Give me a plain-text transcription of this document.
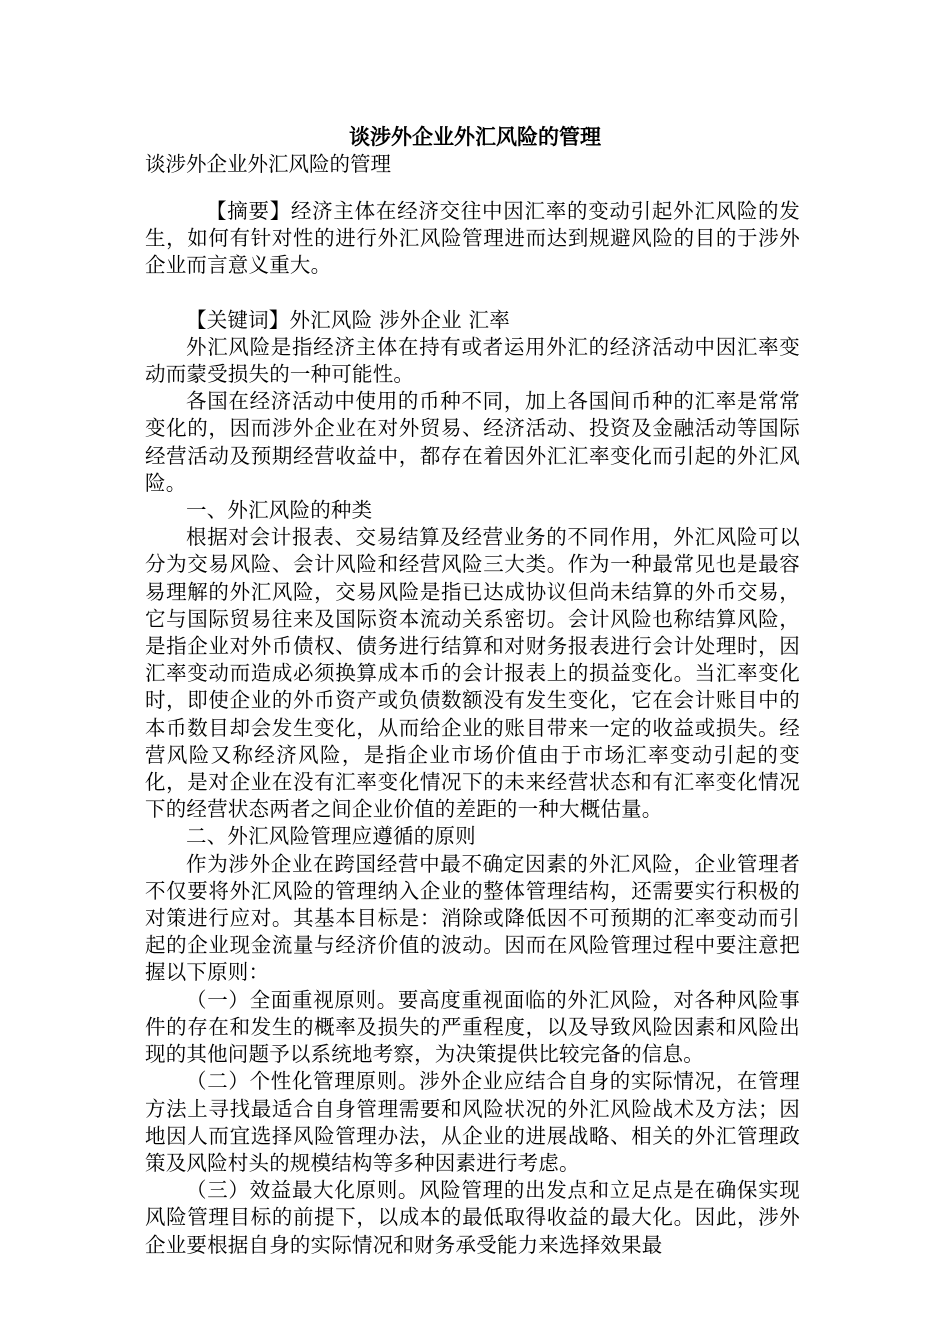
谈涉外企业外汇风险的管理
谈涉外企业外汇风险的管理

【摘要】经济主体在经济交往中因汇率的变动引起外汇风险的发生，如何有针对性的进行外汇风险管理进而达到规避风险的目的于涉外企业而言意义重大。

【关键词】外汇风险 涉外企业 汇率

外汇风险是指经济主体在持有或者运用外汇的经济活动中因汇率变动而蒙受损失的一种可能性。

各国在经济活动中使用的币种不同，加上各国间币种的汇率是常常变化的，因而涉外企业在对外贸易、经济活动、投资及金融活动等国际经营活动及预期经营收益中，都存在着因外汇汇率变化而引起的外汇风险。

一、外汇风险的种类

根据对会计报表、交易结算及经营业务的不同作用，外汇风险可以分为交易风险、会计风险和经营风险三大类。作为一种最常见也是最容易理解的外汇风险，交易风险是指已达成协议但尚未结算的外币交易，它与国际贸易往来及国际资本流动关系密切。会计风险也称结算风险，是指企业对外币债权、债务进行结算和对财务报表进行会计处理时，因汇率变动而造成必须换算成本币的会计报表上的损益变化。当汇率变化时，即使企业的外币资产或负债数额没有发生变化，它在会计账目中的本币数目却会发生变化，从而给企业的账目带来一定的收益或损失。经营风险又称经济风险，是指企业市场价值由于市场汇率变动引起的变化，是对企业在没有汇率变化情况下的未来经营状态和有汇率变化情况下的经营状态两者之间企业价值的差距的一种大概估量。

二、外汇风险管理应遵循的原则

作为涉外企业在跨国经营中最不确定因素的外汇风险，企业管理者不仅要将外汇风险的管理纳入企业的整体管理结构，还需要实行积极的对策进行应对。其基本目标是：消除或降低因不可预期的汇率变动而引起的企业现金流量与经济价值的波动。因而在风险管理过程中要注意把握以下原则：

（一）全面重视原则。要高度重视面临的外汇风险，对各种风险事件的存在和发生的概率及损失的严重程度，以及导致风险因素和风险出现的其他问题予以系统地考察，为决策提供比较完备的信息。

（二）个性化管理原则。涉外企业应结合自身的实际情况，在管理方法上寻找最适合自身管理需要和风险状况的外汇风险战术及方法；因地因人而宜选择风险管理办法，从企业的进展战略、相关的外汇管理政策及风险村头的规模结构等多种因素进行考虑。

（三）效益最大化原则。风险管理的出发点和立足点是在确保实现风险管理目标的前提下，以成本的最低取得收益的最大化。因此，涉外企业要根据自身的实际情况和财务承受能力来选择效果最
